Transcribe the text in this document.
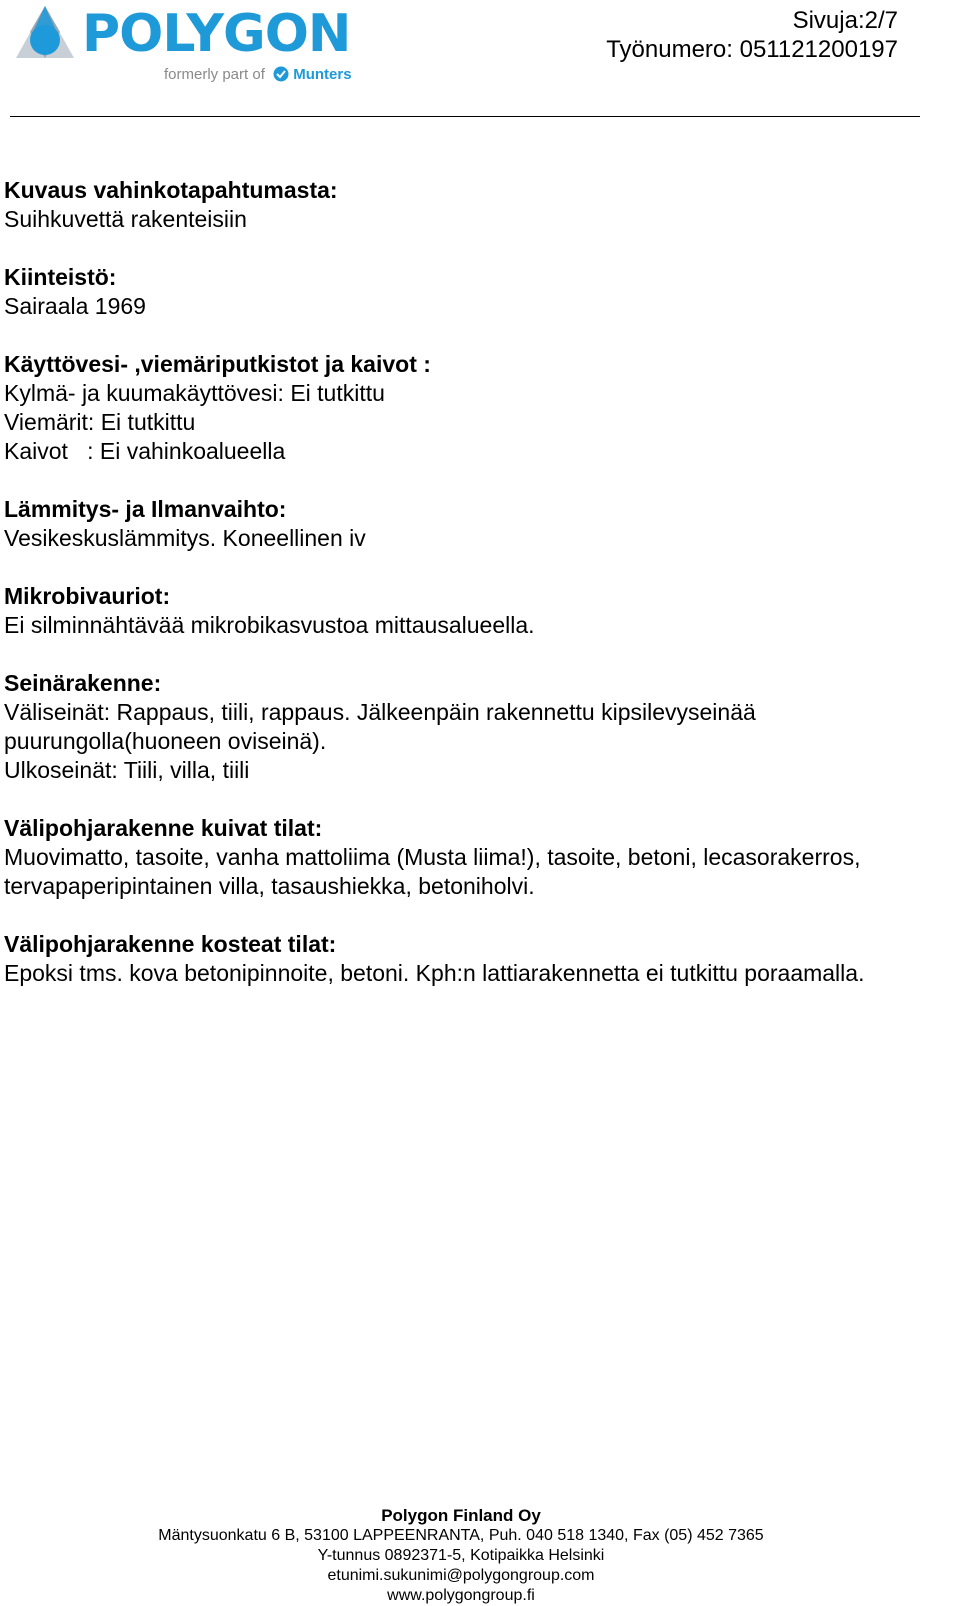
POLYGON
formerly part of Munters
Sivuja:2/7
Työnumero: 051121200197
Kuvaus vahinkotapahtumasta:
Suihkuvettä rakenteisiin
Kiinteistö:
Sairaala 1969
Käyttövesi- ,viemäriputkistot ja kaivot :
Kylmä- ja kuumakäyttövesi: Ei tutkittu
Viemärit: Ei tutkittu
Kaivot   : Ei vahinkoalueella
Lämmitys- ja Ilmanvaihto:
Vesikeskuslämmitys. Koneellinen iv
Mikrobivauriot:
Ei silminnähtävää mikrobikasvustoa mittausalueella.
Seinärakenne:
Väliseinät: Rappaus, tiili, rappaus. Jälkeenpäin rakennettu kipsilevyseinää
puurungolla(huoneen oviseinä).
Ulkoseinät: Tiili, villa, tiili
Välipohjarakenne kuivat tilat:
Muovimatto, tasoite, vanha mattoliima (Musta liima!), tasoite, betoni, lecasorakerros,
tervapaperipintainen villa, tasaushiekka, betoniholvi.
Välipohjarakenne kosteat tilat:
Epoksi tms. kova betonipinnoite, betoni. Kph:n lattiarakennetta ei tutkittu poraamalla.
Polygon Finland Oy
Mäntysuonkatu 6 B, 53100 LAPPEENRANTA, Puh. 040 518 1340, Fax (05) 452 7365
Y-tunnus 0892371-5, Kotipaikka Helsinki
etunimi.sukunimi@polygongroup.com
www.polygongroup.fi
